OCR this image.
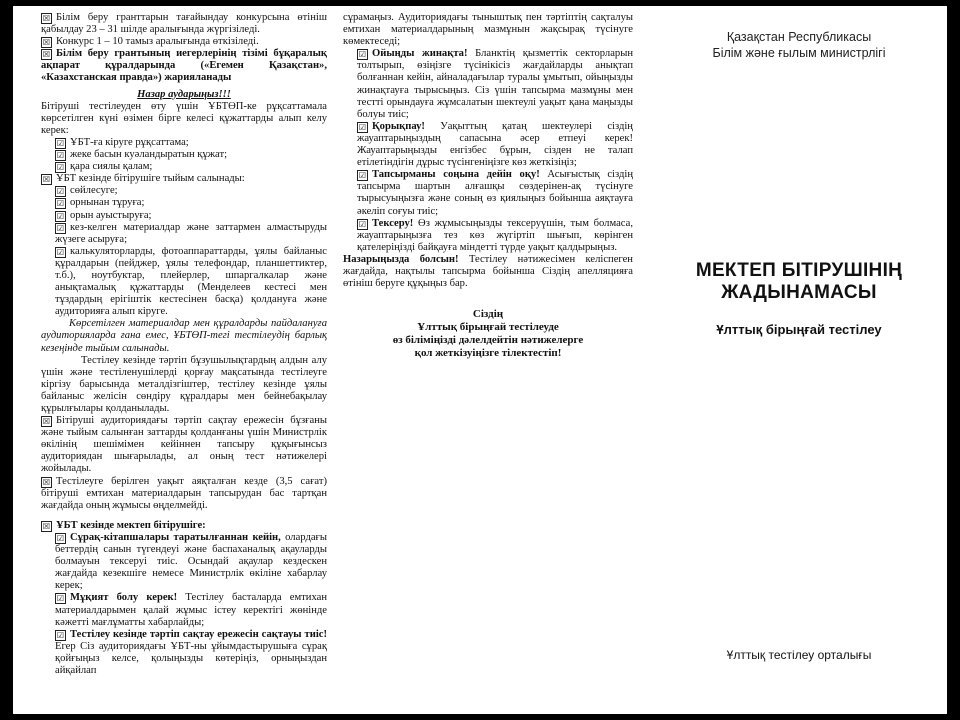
☒ Білім беру гранттарын тағайындау конкурсына өтініш қабылдау 23 – 31 шілде аралығында жүргізіледі.

☒ Конкурс 1 – 10 тамыз аралығында өткізіледі.

☒ Білім беру грантының иегерлерінің тізімі бұқаралық ақпарат құралдарында («Егемен Қазақстан», «Казахстанская правда») жарияланады

Назар аударыңыз!!!

Бітіруші тестілеуден өту үшін ҰБТӨП-ке рұқсаттамала көрсетілген күні өзімен бірге келесі құжаттарды алып келу керек:

☑ ҰБТ-ға кіруге рұқсаттама;

☑ жеке басын куәландыратын құжат;

☑ қара сиялы қалам;

☒ ҰБТ кезінде бітірушіге тыйым салынады:

☑ сөйлесуге;

☑ орнынан тұруға;

☑ орын ауыстыруға;

☑ кез-келген материалдар және заттармен алмастыруды жүзеге асыруға;

☑ калькуляторларды, фотоаппараттарды, ұялы байланыс құралдарын (пейджер, ұялы телефондар, планшеттиктер, т.б.), ноутбуктар, плейерлер, шпаргалкалар және анықтамалық құжаттарды (Менделеев кестесі мен тұздардың ерігіштік кестесінен басқа) қолдануға және аудиторияға алып кіруге.

Көрсетілген материалдар мен құралдарды пайдалануға аудиторияларда ғана емес, ҰБТӨП-тегі тестілеудің барлық кезеңінде тыйым салынады.

Тестілеу кезінде тәртіп бұзушылықтардың алдын алу үшін және тестіленушілерді қорғау мақсатында тестілеуге кіргізу барысында металдізгіштер, тестілеу кезінде ұялы байланыс желісін сөндіру құралдары мен бейнебақылау құрылғылары қолданылады.

☒ Бітіруші аудиториядағы тәртіп сақтау ережесін бұзғаны және тыйым салынған заттарды қолданғаны үшін Министрлік өкілінің шешімімен кейіннен тапсыру құқығынсыз аудиториядан шығарылады, ал оның тест нәтижелері жойылады.

☒ Тестілеуге берілген уақыт аяқталған кезде (3,5 сағат) бітіруші емтихан материалдарын тапсырудан бас тартқан жағдайда оның жұмысы өңделмейді.

☒ ҰБТ кезінде мектеп бітірушіге:

☑ Сұрақ-кітапшалары таратылғаннан кейін, олардағы беттердің санын түгендеуі және баспаханалық ақауларды болмауын тексеруі тиіс. Осындай ақаулар кездескен жағдайда кезекшіге немесе Министрлік өкіліне хабарлау керек;

☑ Мұқият болу керек! Тестілеу басталарда емтихан материалдарымен қалай жұмыс істеу керектігі жөнінде кәжетті мағлұматты хабарлайды;

☑ Тестілеу кезінде тәртіп сақтау ережесін сақтауы тиіс! Егер Сіз аудиториядағы ҰБТ-ны ұйымдастырушыға сұрақ қойғыңыз келсе, қолыңызды көтеріңіз, орныңыздан айқайлап

сұрамаңыз. Аудиториядағы тыныштық пен тәртіптің сақталуы емтихан материалдарының мазмұнын жақсырақ түсінуге көмектеседі;

☑ Ойыңды жинақта! Бланктің қызметтік секторларын толтырып, өзіңізге түсінікісіз жағдайларды анықтап болғаннан кейін, айналадағылар туралы ұмытып, ойыңызды жинақтауға тырысыңыз. Сіз үшін тапсырма мазмұны мен тестті орындауға жұмсалатын шектеулі уақыт қана маңызды болуы тиіс;

☑ Қорықпау! Уақыттың қатаң шектеулері сіздің жауаптарыңыздың сапасына әсер етпеуі керек! Жауаптарыңызды енгізбес бұрын, сізден не талап етілетіндігін дұрыс түсінгеніңізге көз жеткізіңіз;

☑ Тапсырманы соңына дейін оқу! Асығыстық сіздің тапсырма шартын алғашқы сөздерінен-ақ түсінуге тырысуыңызға және соның өз қиялыңыз бойынша аяқтауға әкеліп соғуы тиіс;

☑ Тексеру! Өз жұмысыңызды тексеруүшін, тым болмаса, жауаптарыңызға тез көз жүгіртіп шығып, көрінген қателеріңізді байқауға міндетті түрде уақыт қалдырыңыз.

Назарыңызда болсын! Тестілеу нәтижесімен келіспеген жағдайда, нақтылы тапсырма бойынша Сіздің апелляцияға өтініш беруге құқыңыз бар.

Сіздің

Ұлттық бірыңғай тестілеуде

өз біліміңізді дәлелдейтін нәтижелерге

қол жеткізуіңізге тілектестіп!

Қазақстан Республикасы
Білім және ғылым министрлігі
МЕКТЕП БІТІРУШІНІҢ
ЖАДЫНАМАСЫ
Ұлттық бірыңғай тестілеу
Ұлттық тестілеу орталығы
